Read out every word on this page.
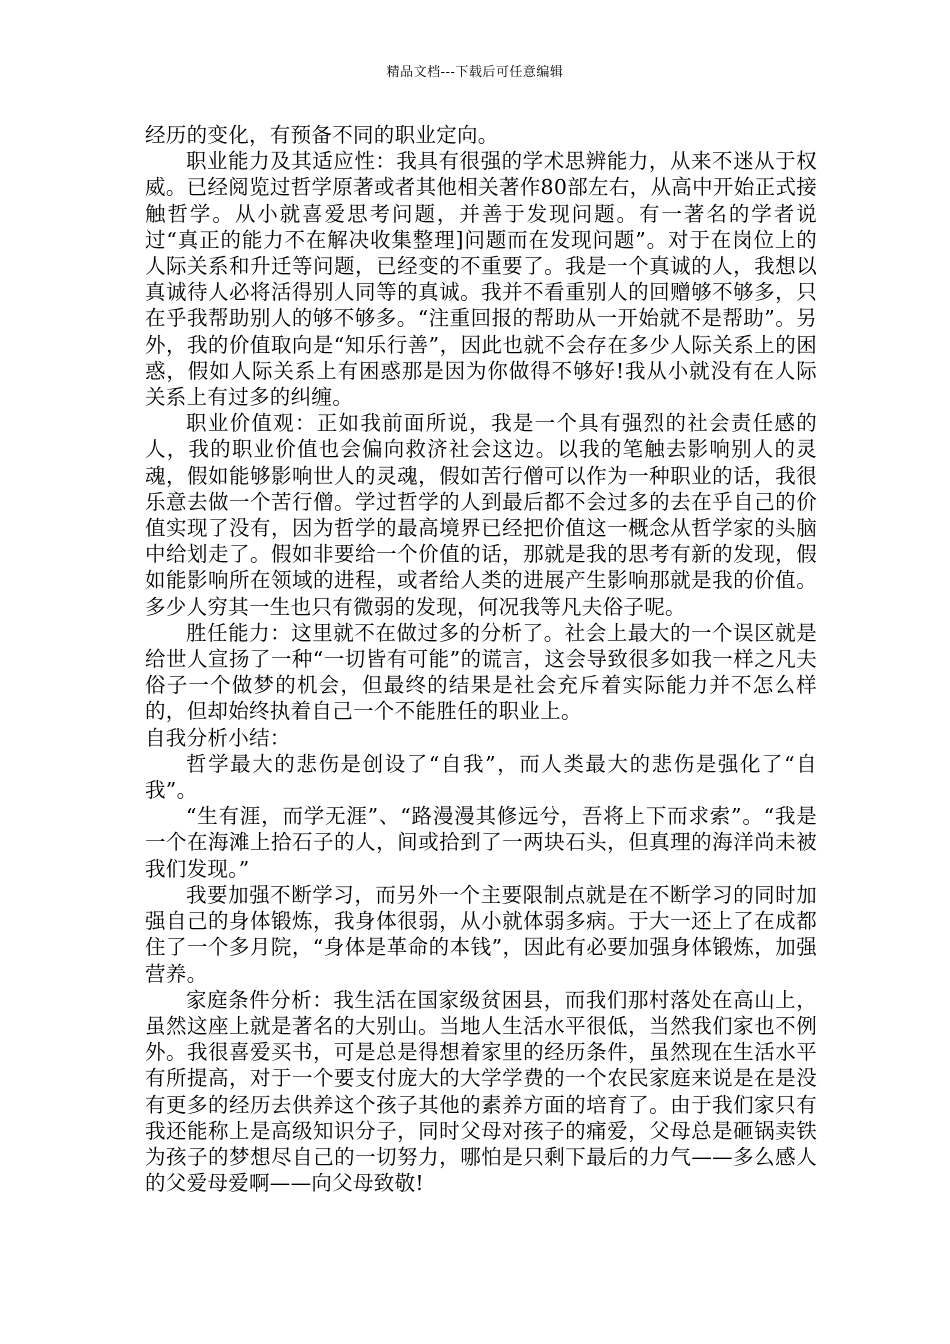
精品文档---下载后可任意编辑

经历的变化，有预备不同的职业定向。

职业能力及其适应性：我具有很强的学术思辨能力，从来不迷从于权威。已经阅览过哲学原著或者其他相关著作80部左右，从高中开始正式接触哲学。从小就喜爱思考问题，并善于发现问题。有一著名的学者说过“真正的能力不在解决收集整理]问题而在发现问题”。对于在岗位上的人际关系和升迁等问题，已经变的不重要了。我是一个真诚的人，我想以真诚待人必将活得别人同等的真诚。我并不看重别人的回赠够不够多，只在乎我帮助别人的够不够多。“注重回报的帮助从一开始就不是帮助”。另外，我的价值取向是“知乐行善”，因此也就不会存在多少人际关系上的困惑，假如人际关系上有困惑那是因为你做得不够好!我从小就没有在人际关系上有过多的纠缠。

职业价值观：正如我前面所说，我是一个具有强烈的社会责任感的人，我的职业价值也会偏向救济社会这边。以我的笔触去影响别人的灵魂，假如能够影响世人的灵魂，假如苦行僧可以作为一种职业的话，我很乐意去做一个苦行僧。学过哲学的人到最后都不会过多的去在乎自己的价值实现了没有，因为哲学的最高境界已经把价值这一概念从哲学家的头脑中给划走了。假如非要给一个价值的话，那就是我的思考有新的发现，假如能影响所在领域的进程，或者给人类的进展产生影响那就是我的价值。多少人穷其一生也只有微弱的发现，何况我等凡夫俗子呢。

胜任能力：这里就不在做过多的分析了。社会上最大的一个误区就是给世人宣扬了一种“一切皆有可能”的谎言，这会导致很多如我一样之凡夫俗子一个做梦的机会，但最终的结果是社会充斥着实际能力并不怎么样的，但却始终执着自己一个不能胜任的职业上。

自我分析小结：

哲学最大的悲伤是创设了“自我”，而人类最大的悲伤是强化了“自我”。

“生有涯，而学无涯”、“路漫漫其修远兮，吾将上下而求索”。“我是一个在海滩上拾石子的人，间或拾到了一两块石头，但真理的海洋尚未被我们发现。”

我要加强不断学习，而另外一个主要限制点就是在不断学习的同时加强自己的身体锻炼，我身体很弱，从小就体弱多病。于大一还上了在成都住了一个多月院，“身体是革命的本钱”，因此有必要加强身体锻炼，加强营养。

家庭条件分析：我生活在国家级贫困县，而我们那村落处在高山上，虽然这座上就是著名的大别山。当地人生活水平很低，当然我们家也不例外。我很喜爱买书，可是总是得想着家里的经历条件，虽然现在生活水平有所提高，对于一个要支付庞大的大学学费的一个农民家庭来说是在是没有更多的经历去供养这个孩子其他的素养方面的培育了。由于我们家只有我还能称上是高级知识分子，同时父母对孩子的痛爱，父母总是砸锅卖铁为孩子的梦想尽自己的一切努力，哪怕是只剩下最后的力气——多么感人的父爱母爱啊——向父母致敬!
